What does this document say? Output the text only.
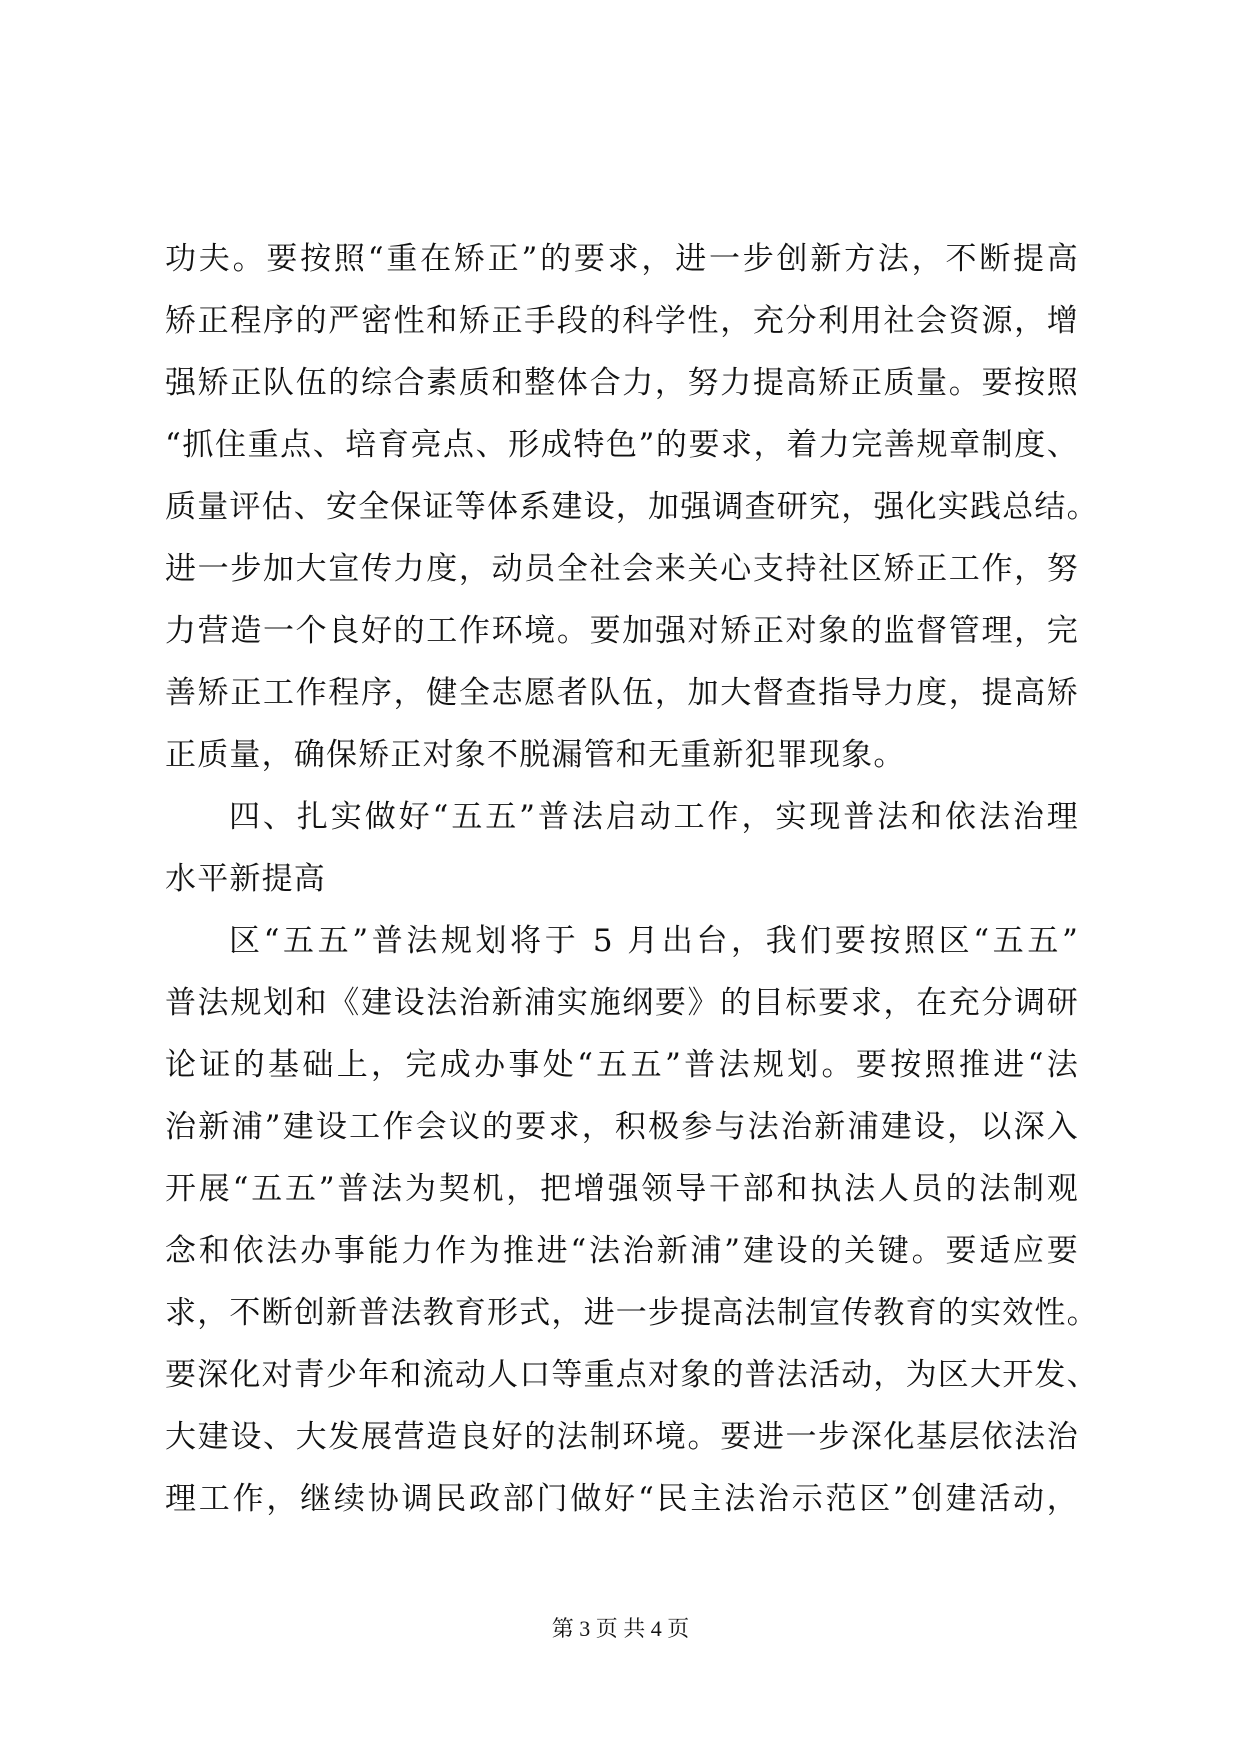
功夫。要按照“重在矫正”的要求，进一步创新方法，不断提高
矫正程序的严密性和矫正手段的科学性，充分利用社会资源，增
强矫正队伍的综合素质和整体合力，努力提高矫正质量。要按照
“抓住重点、培育亮点、形成特色”的要求，着力完善规章制度、
质量评估、安全保证等体系建设，加强调查研究，强化实践总结。
进一步加大宣传力度，动员全社会来关心支持社区矫正工作，努
力营造一个良好的工作环境。要加强对矫正对象的监督管理，完
善矫正工作程序，健全志愿者队伍，加大督查指导力度，提高矫
正质量，确保矫正对象不脱漏管和无重新犯罪现象。
四、扎实做好“五五”普法启动工作，实现普法和依法治理
水平新提高
区“五五”普法规划将于 5 月出台，我们要按照区“五五”
普法规划和《建设法治新浦实施纲要》的目标要求，在充分调研
论证的基础上，完成办事处“五五”普法规划。要按照推进“法
治新浦”建设工作会议的要求，积极参与法治新浦建设，以深入
开展“五五”普法为契机，把增强领导干部和执法人员的法制观
念和依法办事能力作为推进“法治新浦”建设的关键。要适应要
求，不断创新普法教育形式，进一步提高法制宣传教育的实效性。
要深化对青少年和流动人口等重点对象的普法活动，为区大开发、
大建设、大发展营造良好的法制环境。要进一步深化基层依法治
理工作，继续协调民政部门做好“民主法治示范区”创建活动，
第 3 页 共 4 页
